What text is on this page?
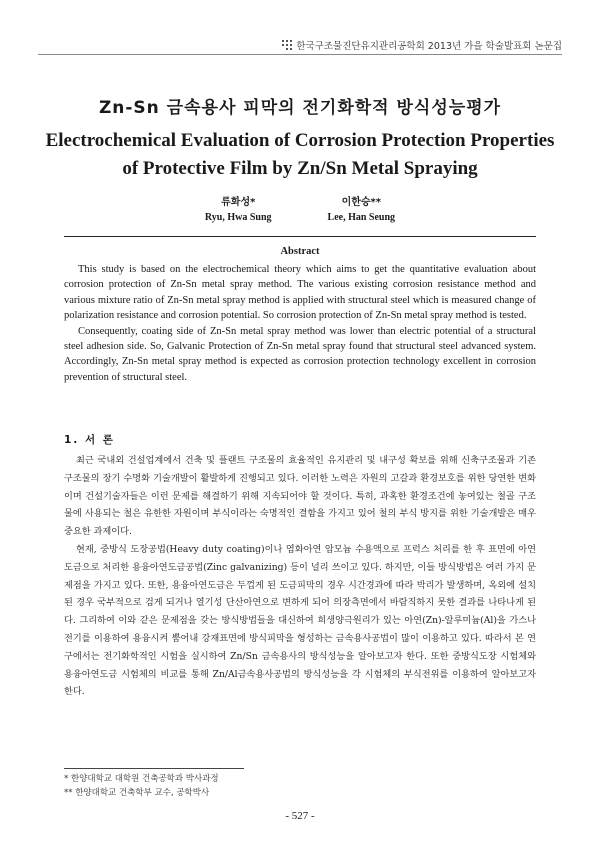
한국구조물진단유지관리공학회 2013년 가을 학술발표회 논문집
Zn-Sn 금속용사 피막의 전기화학적 방식성능평가
Electrochemical Evaluation of Corrosion Protection Properties of Protective Film by Zn/Sn Metal Spraying
류화성*
Ryu, Hwa Sung
이한승**
Lee, Han Seung
Abstract

This study is based on the electrochemical theory which aims to get the quantitative evaluation about corrosion protection of Zn-Sn metal spray method. The various existing corrosion resistance method and various mixture ratio of Zn-Sn metal spray method is applied with structural steel which is measured change of polarization resistance and corrosion potential. So corrosion protection of Zn-Sn metal spray method is tested.

Consequently, coating side of Zn-Sn metal spray method was lower than electric potential of a structural steel adhesion side. So, Galvanic Protection of Zn-Sn metal spray found that structural steel advanced system. Accordingly, Zn-Sn metal spray method is expected as corrosion protection technology excellent in corrosion prevention of structural steel.

1. 서 론

최근 국내외 건설업계에서 건축 및 플랜트 구조물의 효율적인 유지관리 및 내구성 확보를 위해 신축구조물과 기존 구조물의 장기 수명화 기술개발이 활발하게 진행되고 있다. 이러한 노력은 자원의 고갈과 환경보호를 위한 당연한 변화이며 건설기술자들은 이런 문제를 해결하기 위해 지속되어야 할 것이다. 특히, 과혹한 환경조건에 놓여있는 철골 구조물에 사용되는 철은 유한한 자원이며 부식이라는 숙명적인 결함을 가지고 있어 철의 부식 방지를 위한 기술개발은 매우 중요한 과제이다.

현재, 중방식 도장공법(Heavy duty coating)이나 염화아연 암모늄 수용액으로 프럭스 처리를 한 후 표면에 아연도금으로 처리한 용융아연도금공법(Zinc galvanizing) 등이 널리 쓰이고 있다. 하지만, 이들 방식방법은 여러 가지 문제점을 가지고 있다. 또한, 용융아연도금은 두껍게 된 도금피막의 경우 시간경과에 따라 박리가 발생하며, 옥외에 설치된 경우 국부적으로 검게 되거나 열기성 단산아연으로 변하게 되어 의장측면에서 바람직하지 못한 결과를 나타나게 된다. 그리하여 이와 같은 문제점을 갖는 방식방법들을 대신하여 희생양극원리가 있는 아연(Zn)-알루미늄(Al)을 가스나 전기를 이용하여 용융시켜 뿜어내 강재표면에 방식피막을 형성하는 금속용사공법이 많이 이용하고 있다. 따라서 본 연구에서는 전기화학적인 시험을 실시하여 Zn/Sn 금속용사의 방식성능을 알아보고자 한다. 또한 중방식도장 시험체와 용융아연도금 시험체의 비교를 통해 Zn/Al금속용사공법의 방식성능을 각 시험체의 부식전위를 이용하여 알아보고자 한다.

* 한양대학교 대학원 건축공학과 박사과정
** 한양대학교 건축학부 교수, 공학박사
- 527 -
